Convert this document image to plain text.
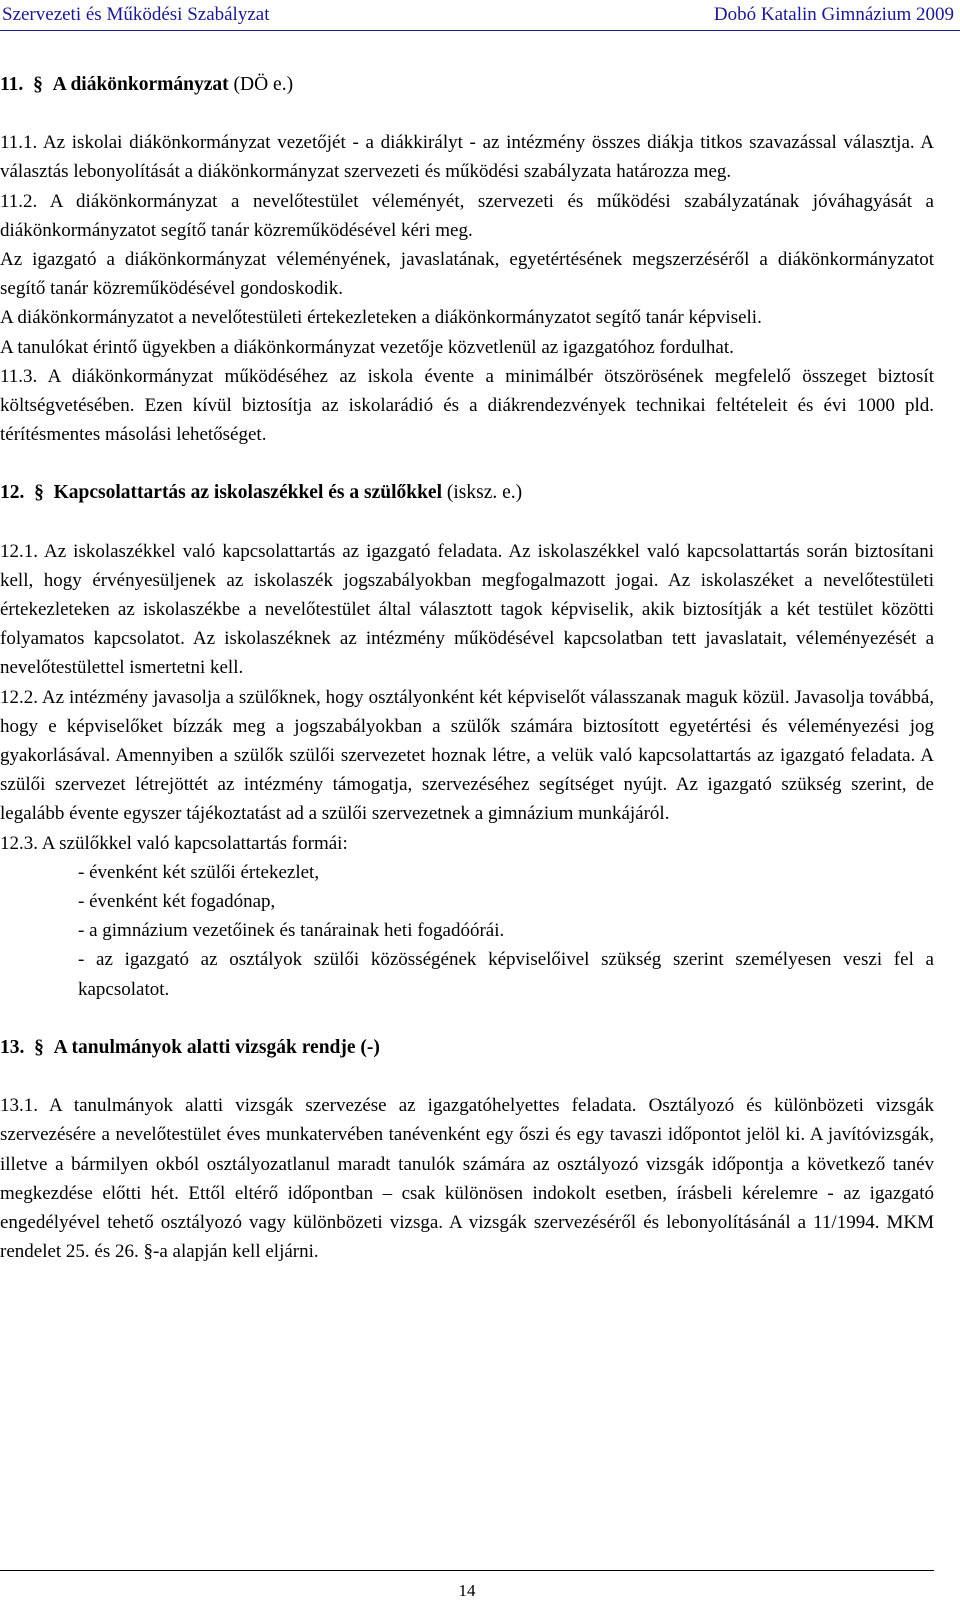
Szervezeti és Működési Szabályzat	Dobó Katalin Gimnázium 2009
11. § A diákönkormányzat (DÖ e.)

11.1. Az iskolai diákönkormányzat vezetőjét - a diákkirályt - az intézmény összes diákja titkos szavazással választja. A választás lebonyolítását a diákönkormányzat szervezeti és működési szabályzata határozza meg.

11.2. A diákönkormányzat a nevelőtestület véleményét, szervezeti és működési szabályzatának jóváhagyását a diákönkormányzatot segítő tanár közreműködésével kéri meg.

Az igazgató a diákönkormányzat véleményének, javaslatának, egyetértésének megszerzéséről a diákönkormányzatot segítő tanár közreműködésével gondoskodik.

A diákönkormányzatot a nevelőtestületi értekezleteken a diákönkormányzatot segítő tanár képviseli.

A tanulókat érintő ügyekben a diákönkormányzat vezetője közvetlenül az igazgatóhoz fordulhat.

11.3. A diákönkormányzat működéséhez az iskola évente a minimálbér ötszörösének megfelelő összeget biztosít költségvetésében. Ezen kívül biztosítja az iskolarádió és a diákrendezvények technikai feltételeit és évi 1000 pld. térítésmentes másolási lehetőséget.

12. § Kapcsolattartás az iskolaszékkel és a szülőkkel (isksz. e.)

12.1. Az iskolaszékkel való kapcsolattartás az igazgató feladata. Az iskolaszékkel való kapcsolattartás során biztosítani kell, hogy érvényesüljenek az iskolaszék jogszabályokban megfogalmazott jogai. Az iskolaszéket a nevelőtestületi értekezleteken az iskolaszékbe a nevelőtestület által választott tagok képviselik, akik biztosítják a két testület közötti folyamatos kapcsolatot. Az iskolaszéknek az intézmény működésével kapcsolatban tett javaslatait, véleményezését a nevelőtestülettel ismertetni kell.

12.2. Az intézmény javasolja a szülőknek, hogy osztályonként két képviselőt válasszanak maguk közül. Javasolja továbbá, hogy e képviselőket bízzák meg a jogszabályokban a szülők számára biztosított egyetértési és véleményezési jog gyakorlásával. Amennyiben a szülők szülői szervezetet hoznak létre, a velük való kapcsolattartás az igazgató feladata. A szülői szervezet létrejöttét az intézmény támogatja, szervezéséhez segítséget nyújt. Az igazgató szükség szerint, de legalább évente egyszer tájékoztatást ad a szülői szervezetnek a gimnázium munkájáról.

12.3. A szülőkkel való kapcsolattartás formái:

- évenként két szülői értekezlet,
- évenként két fogadónap,
- a gimnázium vezetőinek és tanárainak heti fogadóórái.
- az igazgató az osztályok szülői közösségének képviselőivel szükség szerint személyesen veszi fel a kapcsolatot.
13. § A tanulmányok alatti vizsgák rendje (-)

13.1. A tanulmányok alatti vizsgák szervezése az igazgatóhelyettes feladata. Osztályozó és különbözeti vizsgák szervezésére a nevelőtestület éves munkatervében tanévenként egy őszi és egy tavaszi időpontot jelöl ki. A javítóvizsgák, illetve a bármilyen okból osztályozatlanul maradt tanulók számára az osztályozó vizsgák időpontja a következő tanév megkezdése előtti hét. Ettől eltérő időpontban – csak különösen indokolt esetben, írásbeli kérelemre - az igazgató engedélyével tehető osztályozó vagy különbözeti vizsga. A vizsgák szervezéséről és lebonyolításánál a 11/1994. MKM rendelet 25. és 26. §-a alapján kell eljárni.

14
